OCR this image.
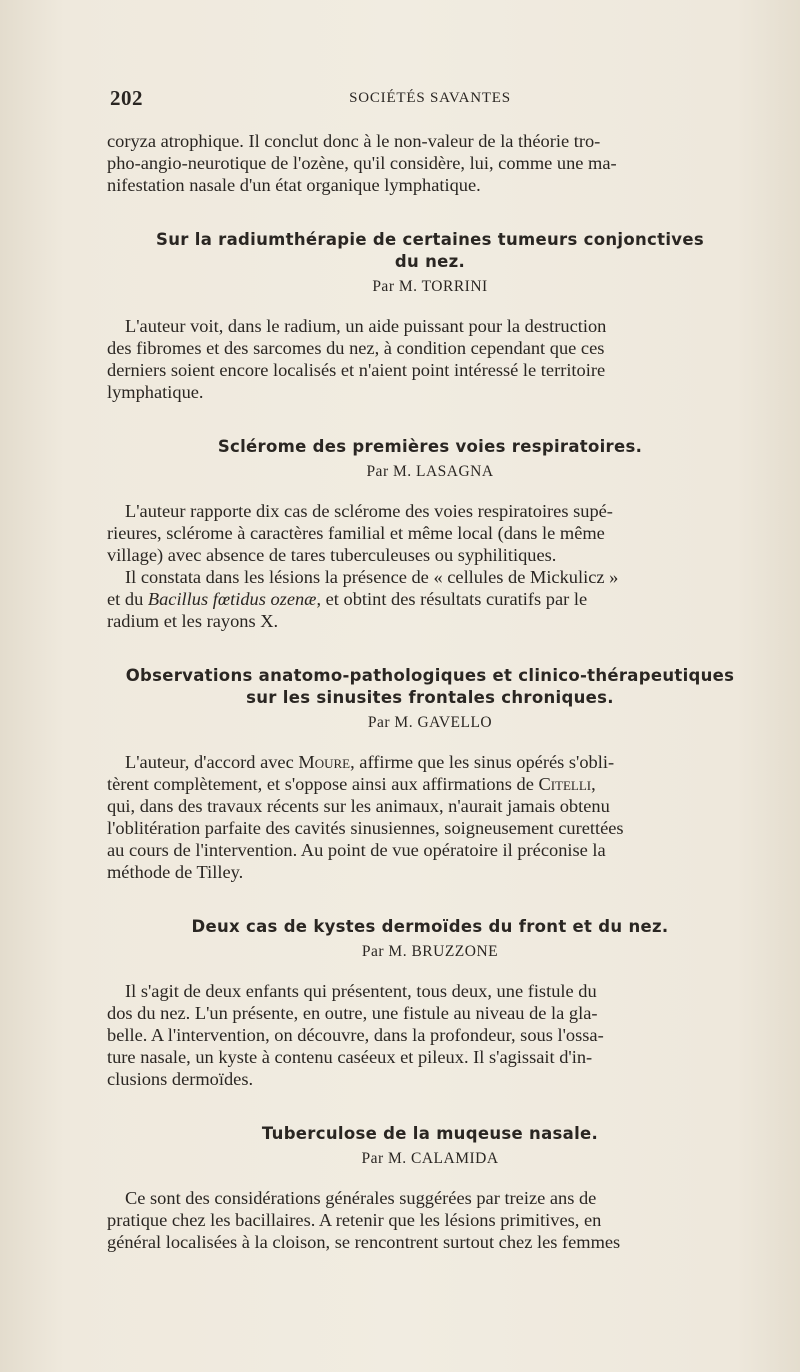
202	SOCIÉTÉS SAVANTES
coryza atrophique. Il conclut donc à le non-valeur de la théorie tro-
pho-angio-neurotique de l'ozène, qu'il considère, lui, comme une ma-
nifestation nasale d'un état organique lymphatique.
Sur la radiumthérapie de certaines tumeurs conjonctives
du nez.
Par M. TORRINI
L'auteur voit, dans le radium, un aide puissant pour la destruction
des fibromes et des sarcomes du nez, à condition cependant que ces
derniers soient encore localisés et n'aient point intéressé le territoire
lymphatique.
Sclérome des premières voies respiratoires.
Par M. LASAGNA
L'auteur rapporte dix cas de sclérome des voies respiratoires supé-
rieures, sclérome à caractères familial et même local (dans le même
village) avec absence de tares tuberculeuses ou syphilitiques.
Il constata dans les lésions la présence de « cellules de Mickulicz »
et du Bacillus fœtidus ozenæ, et obtint des résultats curatifs par le
radium et les rayons X.
Observations anatomo-pathologiques et clinico-thérapeutiques
sur les sinusites frontales chroniques.
Par M. GAVELLO
L'auteur, d'accord avec Moure, affirme que les sinus opérés s'obli-
tèrent complètement, et s'oppose ainsi aux affirmations de Citelli,
qui, dans des travaux récents sur les animaux, n'aurait jamais obtenu
l'oblitération parfaite des cavités sinusiennes, soigneusement curettées
au cours de l'intervention. Au point de vue opératoire il préconise la
méthode de Tilley.
Deux cas de kystes dermoïdes du front et du nez.
Par M. BRUZZONE
Il s'agit de deux enfants qui présentent, tous deux, une fistule du
dos du nez. L'un présente, en outre, une fistule au niveau de la gla-
belle. A l'intervention, on découvre, dans la profondeur, sous l'ossa-
ture nasale, un kyste à contenu caséeux et pileux. Il s'agissait d'in-
clusions dermoïdes.
Tuberculose de la muqeuse nasale.
Par M. CALAMIDA
Ce sont des considérations générales suggérées par treize ans de
pratique chez les bacillaires. A retenir que les lésions primitives, en
général localisées à la cloison, se rencontrent surtout chez les femmes
